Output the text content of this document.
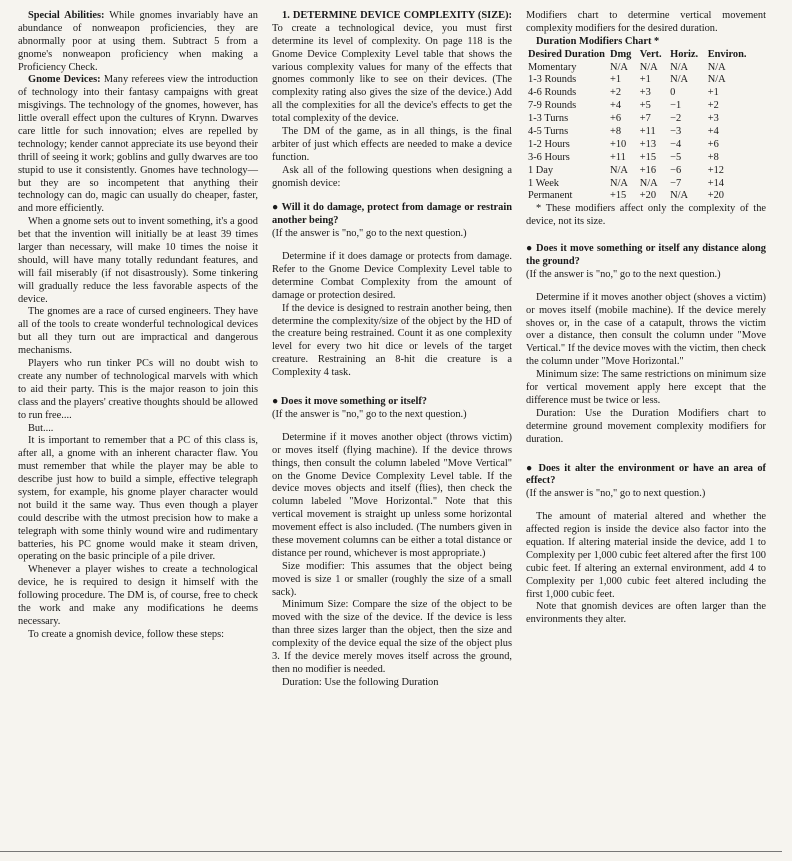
Special Abilities: While gnomes invariably have an abundance of nonweapon proficiencies, they are abnormally poor at using them. Subtract 5 from a gnome's nonweapon proficiency when making a Proficiency Check.

Gnome Devices: Many referees view the introduction of technology into their fantasy campaigns with great misgivings. The technology of the gnomes, however, has little overall effect upon the cultures of Krynn. Dwarves care little for such innovation; elves are repelled by technology; kender cannot appreciate its use beyond their thrill of seeing it work; goblins and gully dwarves are too stupid to use it consistently. Gnomes have technology—but they are so incompetent that anything their technology can do, magic can usually do cheaper, faster, and more efficiently.

When a gnome sets out to invent something, it's a good bet that the invention will initially be at least 39 times larger than necessary, will make 10 times the noise it should, will have many totally redundant features, and will fail miserably (if not disastrously). Some tinkering will gradually reduce the less favorable aspects of the device.

The gnomes are a race of cursed engineers. They have all of the tools to create wonderful technological devices but all they turn out are impractical and dangerous mechanisms.

Players who run tinker PCs will no doubt wish to create any number of technological marvels with which to aid their party. This is the major reason to join this class and the players' creative thoughts should be allowed to run free....

But....

It is important to remember that a PC of this class is, after all, a gnome with an inherent character flaw. You must remember that while the player may be able to describe just how to build a simple, effective telegraph system, for example, his gnome player character would not build it the same way. Thus even though a player could describe with the utmost precision how to make a telegraph with some thinly wound wire and rudimentary batteries, his PC gnome would make it steam driven, operating on the basic principle of a pile driver.

Whenever a player wishes to create a technological device, he is required to design it himself with the following procedure. The DM is, of course, free to check the work and make any modifications he deems necessary.

To create a gnomish device, follow these steps:

1. DETERMINE DEVICE COMPLEXITY (SIZE): To create a technological device, you must first determine its level of complexity. On page 118 is the Gnome Device Complexity Level table that shows the various complexity values for many of the effects that gnomes commonly like to see on their devices. (The complexity rating also gives the size of the device.) Add all the complexities for all the device's effects to get the total complexity of the device.

The DM of the game, as in all things, is the final arbiter of just which effects are needed to make a device function.

Ask all of the following questions when designing a gnomish device:

● Will it do damage, protect from damage or restrain another being?

(If the answer is "no," go to the next question.)

Determine if it does damage or protects from damage. Refer to the Gnome Device Complexity Level table to determine Combat Complexity from the amount of damage or protection desired.

If the device is designed to restrain another being, then determine the complexity/size of the object by the HD of the creature being restrained. Count it as one complexity level for every two hit dice or levels of the target creature. Restraining an 8-hit die creature is a Complexity 4 task.

● Does it move something or itself?

(If the answer is "no," go to the next question.)

Determine if it moves another object (throws victim) or moves itself (flying machine). If the device throws things, then consult the column labeled "Move Vertical" on the Gnome Device Complexity Level table. If the device moves objects and itself (flies), then check the column labeled "Move Horizontal." Note that this vertical movement is straight up unless some horizontal movement effect is also included. (The numbers given in these movement columns can be either a total distance or distance per round, whichever is most appropriate.)

Size modifier: This assumes that the object being moved is size 1 or smaller (roughly the size of a small sack).

Minimum Size: Compare the size of the object to be moved with the size of the device. If the device is less than three sizes larger than the object, then the size and complexity of the device equal the size of the object plus 3. If the device merely moves itself across the ground, then no modifier is needed.

Duration: Use the following Duration

Modifiers chart to determine vertical movement complexity modifiers for the desired duration.

Duration Modifiers Chart *

Desired Duration	Dmg	Vert.	Horiz.	Environ.
Momentary	N/A	N/A	N/A	N/A
1-3 Rounds	+1	+1	N/A	N/A
4-6 Rounds	+2	+3	0	+1
7-9 Rounds	+4	+5	−1	+2
1-3 Turns	+6	+7	−2	+3
4-5 Turns	+8	+11	−3	+4
1-2 Hours	+10	+13	−4	+6
3-6 Hours	+11	+15	−5	+8
1 Day	N/A	+16	−6	+12
1 Week	N/A	N/A	−7	+14
Permanent	+15	+20	N/A	+20

* These modifiers affect only the complexity of the device, not its size.

● Does it move something or itself any distance along the ground?

(If the answer is "no," go to the next question.)

Determine if it moves another object (shoves a victim) or moves itself (mobile machine). If the device merely shoves or, in the case of a catapult, throws the victim over a distance, then consult the column under "Move Vertical." If the device moves with the victim, then check the column under "Move Horizontal."

Minimum size: The same restrictions on minimum size for vertical movement apply here except that the difference must be twice or less.

Duration: Use the Duration Modifiers chart to determine ground movement complexity modifiers for duration.

● Does it alter the environment or have an area of effect?

(If the answer is "no," go to next question.)

The amount of material altered and whether the affected region is inside the device also factor into the equation. If altering material inside the device, add 1 to Complexity per 1,000 cubic feet altered after the first 100 cubic feet. If altering an external environment, add 4 to Complexity per 1,000 cubic feet altered including the first 1,000 cubic feet.

Note that gnomish devices are often larger than the environments they alter.
